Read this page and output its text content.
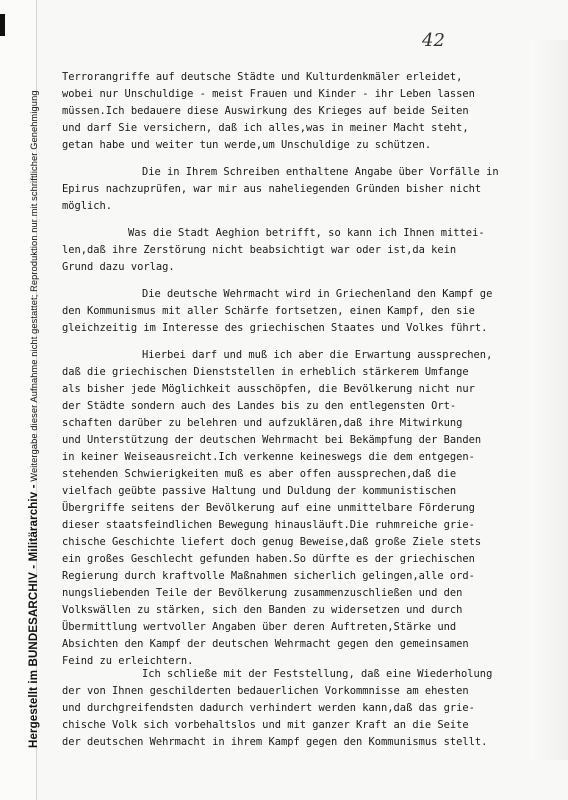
Hergestellt im BUNDESARCHIV - Militärarchiv - Weitergabe dieser Aufnahme nicht gestattet; Reproduktion nur mit schriftlicher Genehmigung
42
Terrorangriffe auf deutsche Städte und Kulturdenkmäler erleidet,
wobei nur Unschuldige - meist Frauen und Kinder - ihr Leben lassen
müssen.Ich bedauere diese Auswirkung des Krieges auf beide Seiten
und darf Sie versichern, daß ich alles,was in meiner Macht steht,
getan habe und weiter tun werde,um Unschuldige zu schützen.
Die in Ihrem Schreiben enthaltene Angabe über Vorfälle in
Epirus nachzuprüfen, war mir aus naheliegenden Gründen bisher nicht
möglich.
Was die Stadt Aeghion betrifft, so kann ich Ihnen mittei-
len,daß ihre Zerstörung nicht beabsichtigt war oder ist,da kein
Grund dazu vorlag.
Die deutsche Wehrmacht wird in Griechenland den Kampf ge
den Kommunismus mit aller Schärfe fortsetzen, einen Kampf, den sie
gleichzeitig im Interesse des griechischen Staates und Volkes führt.
Hierbei darf und muß ich aber die Erwartung aussprechen,
daß die griechischen Dienststellen in erheblich stärkerem Umfange
als bisher jede Möglichkeit ausschöpfen, die Bevölkerung nicht nur
der Städte sondern auch des Landes bis zu den entlegensten Ort-
schaften darüber zu belehren und aufzuklären,daß ihre Mitwirkung
und Unterstützung der deutschen Wehrmacht bei Bekämpfung der Banden
in keiner Weiseausreicht.Ich verkenne keineswegs die dem entgegen-
stehenden Schwierigkeiten muß es aber offen aussprechen,daß die
vielfach geübte passive Haltung und Duldung der kommunistischen
Übergriffe seitens der Bevölkerung auf eine unmittelbare Förderung
dieser staatsfeindlichen Bewegung hinausläuft.Die ruhmreiche grie-
chische Geschichte liefert doch genug Beweise,daß große Ziele stets
ein großes Geschlecht gefunden haben.So dürfte es der griechischen
Regierung durch kraftvolle Maßnahmen sicherlich gelingen,alle ord-
nungsliebenden Teile der Bevölkerung zusammenzuschließen und den
Volkswällen zu stärken, sich den Banden zu widersetzen und durch
Übermittlung wertvoller Angaben über deren Auftreten,Stärke und
Absichten den Kampf der deutschen Wehrmacht gegen den gemeinsamen
Feind zu erleichtern.
Ich schließe mit der Feststellung, daß eine Wiederholung
der von Ihnen geschilderten bedauerlichen Vorkommnisse am ehesten
und durchgreifendsten dadurch verhindert werden kann,daß das grie-
chische Volk sich vorbehaltslos und mit ganzer Kraft an die Seite
der deutschen Wehrmacht in ihrem Kampf gegen den Kommunismus stellt.
